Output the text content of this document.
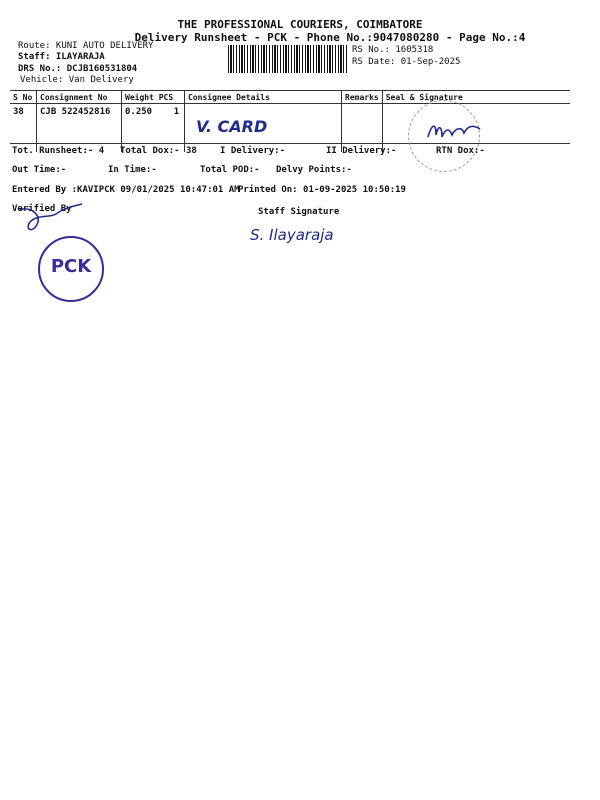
THE PROFESSIONAL COURIERS, COIMBATORE
Delivery Runsheet - PCK - Phone No.:9047080280 - Page No.:4
Route: KUNI AUTO DELIVERY
Staff: ILAYARAJA
DRS No.: DCJB160531804
Vehicle: Van Delivery
RS No.: 1605318
RS Date: 01-Sep-2025
S No	Consignment No	Weight PCS	Consignee Details	Remarks	Seal & Signature
38	CJB 522452816	0.250 1	V. CARD		
Tot. Runsheet:- 4 Total Dox:- 38	I Delivery:-	II Delivery:-	RTN Dox:-
Out Time:-	In Time:-	Total POD:- Delvy Points:-
Entered By :KAVIPCK 09/01/2025 10:47:01 AM
Printed On: 01-09-2025 10:50:19
Verified By	Staff Signature
S. Ilayaraja
PCK
